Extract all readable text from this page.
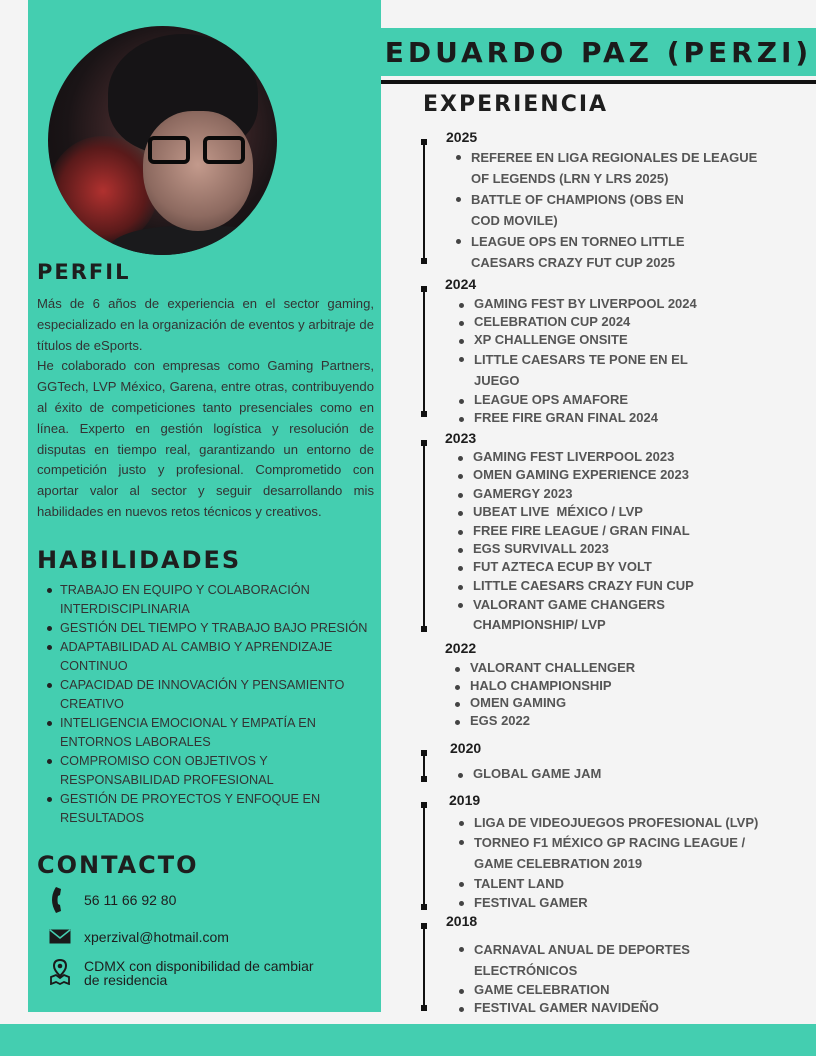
PERFIL

Más de 6 años de experiencia en el sector gaming, especializado en la organización de eventos y arbitraje de títulos de eSports.

He colaborado con empresas como Gaming Partners, GGTech, LVP México, Garena, entre otras, contribuyendo al éxito de competiciones tanto presenciales como en línea. Experto en gestión logística y resolución de disputas en tiempo real, garantizando un entorno de competición justo y profesional. Comprometido con aportar valor al sector y seguir desarrollando mis habilidades en nuevos retos técnicos y creativos.

HABILIDADES
TRABAJO EN EQUIPO Y COLABORACIÓN INTERDISCIPLINARIA
GESTIÓN DEL TIEMPO Y TRABAJO BAJO PRESIÓN
ADAPTABILIDAD AL CAMBIO Y APRENDIZAJE CONTINUO
CAPACIDAD DE INNOVACIÓN Y PENSAMIENTO CREATIVO
INTELIGENCIA EMOCIONAL Y EMPATÍA EN ENTORNOS LABORALES
COMPROMISO CON OBJETIVOS Y RESPONSABILIDAD PROFESIONAL
GESTIÓN DE PROYECTOS Y ENFOQUE EN RESULTADOS
CONTACTO
56 11 66 92 80
xperzival@hotmail.com
CDMX con disponibilidad de cambiar
de residencia
EDUARDO PAZ (PERZI)
EXPERIENCIA
2025
REFEREE EN LIGA REGIONALES DE LEAGUE OF LEGENDS (LRN Y LRS 2025)
BATTLE OF CHAMPIONS (OBS EN COD MOVILE)
LEAGUE OPS EN TORNEO LITTLE CAESARS CRAZY FUT CUP 2025
2024
GAMING FEST BY LIVERPOOL 2024
CELEBRATION CUP 2024
XP CHALLENGE ONSITE
LITTLE CAESARS TE PONE EN EL JUEGO
LEAGUE OPS AMAFORE
FREE FIRE GRAN FINAL 2024
2023
GAMING FEST LIVERPOOL 2023
OMEN GAMING EXPERIENCE 2023
GAMERGY 2023
UBEAT LIVE  MÉXICO / LVP
FREE FIRE LEAGUE / GRAN FINAL
EGS SURVIVALL 2023
FUT AZTECA ECUP BY VOLT
LITTLE CAESARS CRAZY FUN CUP
VALORANT GAME CHANGERS CHAMPIONSHIP/ LVP
2022
VALORANT CHALLENGER
HALO CHAMPIONSHIP
OMEN GAMING
EGS 2022
2020
GLOBAL GAME JAM
2019
LIGA DE VIDEOJUEGOS PROFESIONAL (LVP)
TORNEO F1 MÉXICO GP RACING LEAGUE / GAME CELEBRATION 2019
TALENT LAND
FESTIVAL GAMER
2018
CARNAVAL ANUAL DE DEPORTES ELECTRÓNICOS
GAME CELEBRATION
FESTIVAL GAMER NAVIDEÑO
